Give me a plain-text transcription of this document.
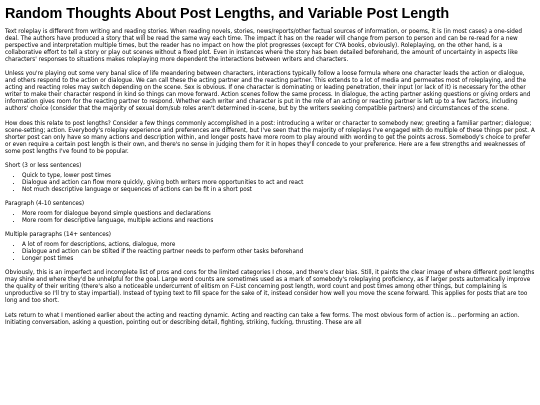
Random Thoughts About Post Lengths, and Variable Post Length

Text roleplay is different from writing and reading stories. When reading novels, stories, news/reports/other factual sources of information, or poems, it is (in most cases) a one-sided deal. The authors have produced a story that will be read the same way each time. The impact it has on the reader will change from person to person and can be re-read for a new perspective and interpretation multiple times, but the reader has no impact on how the plot progresses (except for CYA books, obviously). Roleplaying, on the other hand, is a collaborative effort to tell a story or play out scenes without a fixed plot. Even in instances where the story has been detailed beforehand, the amount of uncertainty in aspects like characters' responses to situations makes roleplaying more dependent the interactions between writers and characters.

Unless you're playing out some very banal slice of life meandering between characters, interactions typically follow a loose formula where one character leads the action or dialogue, and others respond to the action or dialogue. We can call these the acting partner and the reacting partner. This extends to a lot of media and permeates most of roleplaying, and the acting and reacting roles may switch depending on the scene. Sex is obvious. If one character is dominating or leading penetration, their input (or lack of it) is necessary for the other writer to make their character respond in kind so things can move forward. Action scenes follow the same process. In dialogue, the acting partner asking questions or giving orders and information gives room for the reacting partner to respond. Whether each writer and character is put in the role of an acting or reacting partner is left up to a few factors, including authors' choice (consider that the majority of sexual dom/sub roles aren't determined in-scene, but by the writers seeking compatible partners) and circumstances of the scene.

How does this relate to post lengths? Consider a few things commonly accomplished in a post: introducing a writer or character to somebody new; greeting a familiar partner; dialogue; scene-setting; action. Everybody's roleplay experience and preferences are different, but I've seen that the majority of roleplays I've engaged with do multiple of these things per post. A shorter post can only have so many actions and description within, and longer posts have more room to play around with wording to get the points across. Somebody's choice to prefer or even require a certain post length is their own, and there's no sense in judging them for it in hopes they'll concede to your preference. Here are a few strengths and weaknesses of some post lengths I've found to be popular.

Short (3 or less sentences)
• Quick to type, lower post times
• Dialogue and action can flow more quickly, giving both writers more opportunities to act and react
• Not much descriptive language or sequences of actions can be fit in a short post
Paragraph (4-10 sentences)
• More room for dialogue beyond simple questions and declarations
• More room for descriptive language, multiple actions and reactions
Multiple paragraphs (14+ sentences)
• A lot of room for descriptions, actions, dialogue, more
• Dialogue and action can be stilted if the reacting partner needs to perform other tasks beforehand
• Longer post times

Obviously, this is an imperfect and incomplete list of pros and cons for the limited categories I chose, and there's clear bias. Still, it paints the clear image of where different post lengths may shine and where they'd be unhelpful for the goal. Large word counts are sometimes used as a mark of somebody's roleplaying proficiency, as if larger posts automatically improve the quality of their writing (there's also a noticeable undercurrent of elitism on F-List concerning post length, word count and post times among other things, but complaining is unproductive so I'll try to stay impartial). Instead of typing text to fill space for the sake of it, instead consider how well you move the scene forward. This applies for posts that are too long and too short.

Lets return to what I mentioned earlier about the acting and reacting dynamic. Acting and reacting can take a few forms. The most obvious form of action is... performing an action. Initiating conversation, asking a question, pointing out or describing detail, fighting, striking, fucking, thrusting. These are all
